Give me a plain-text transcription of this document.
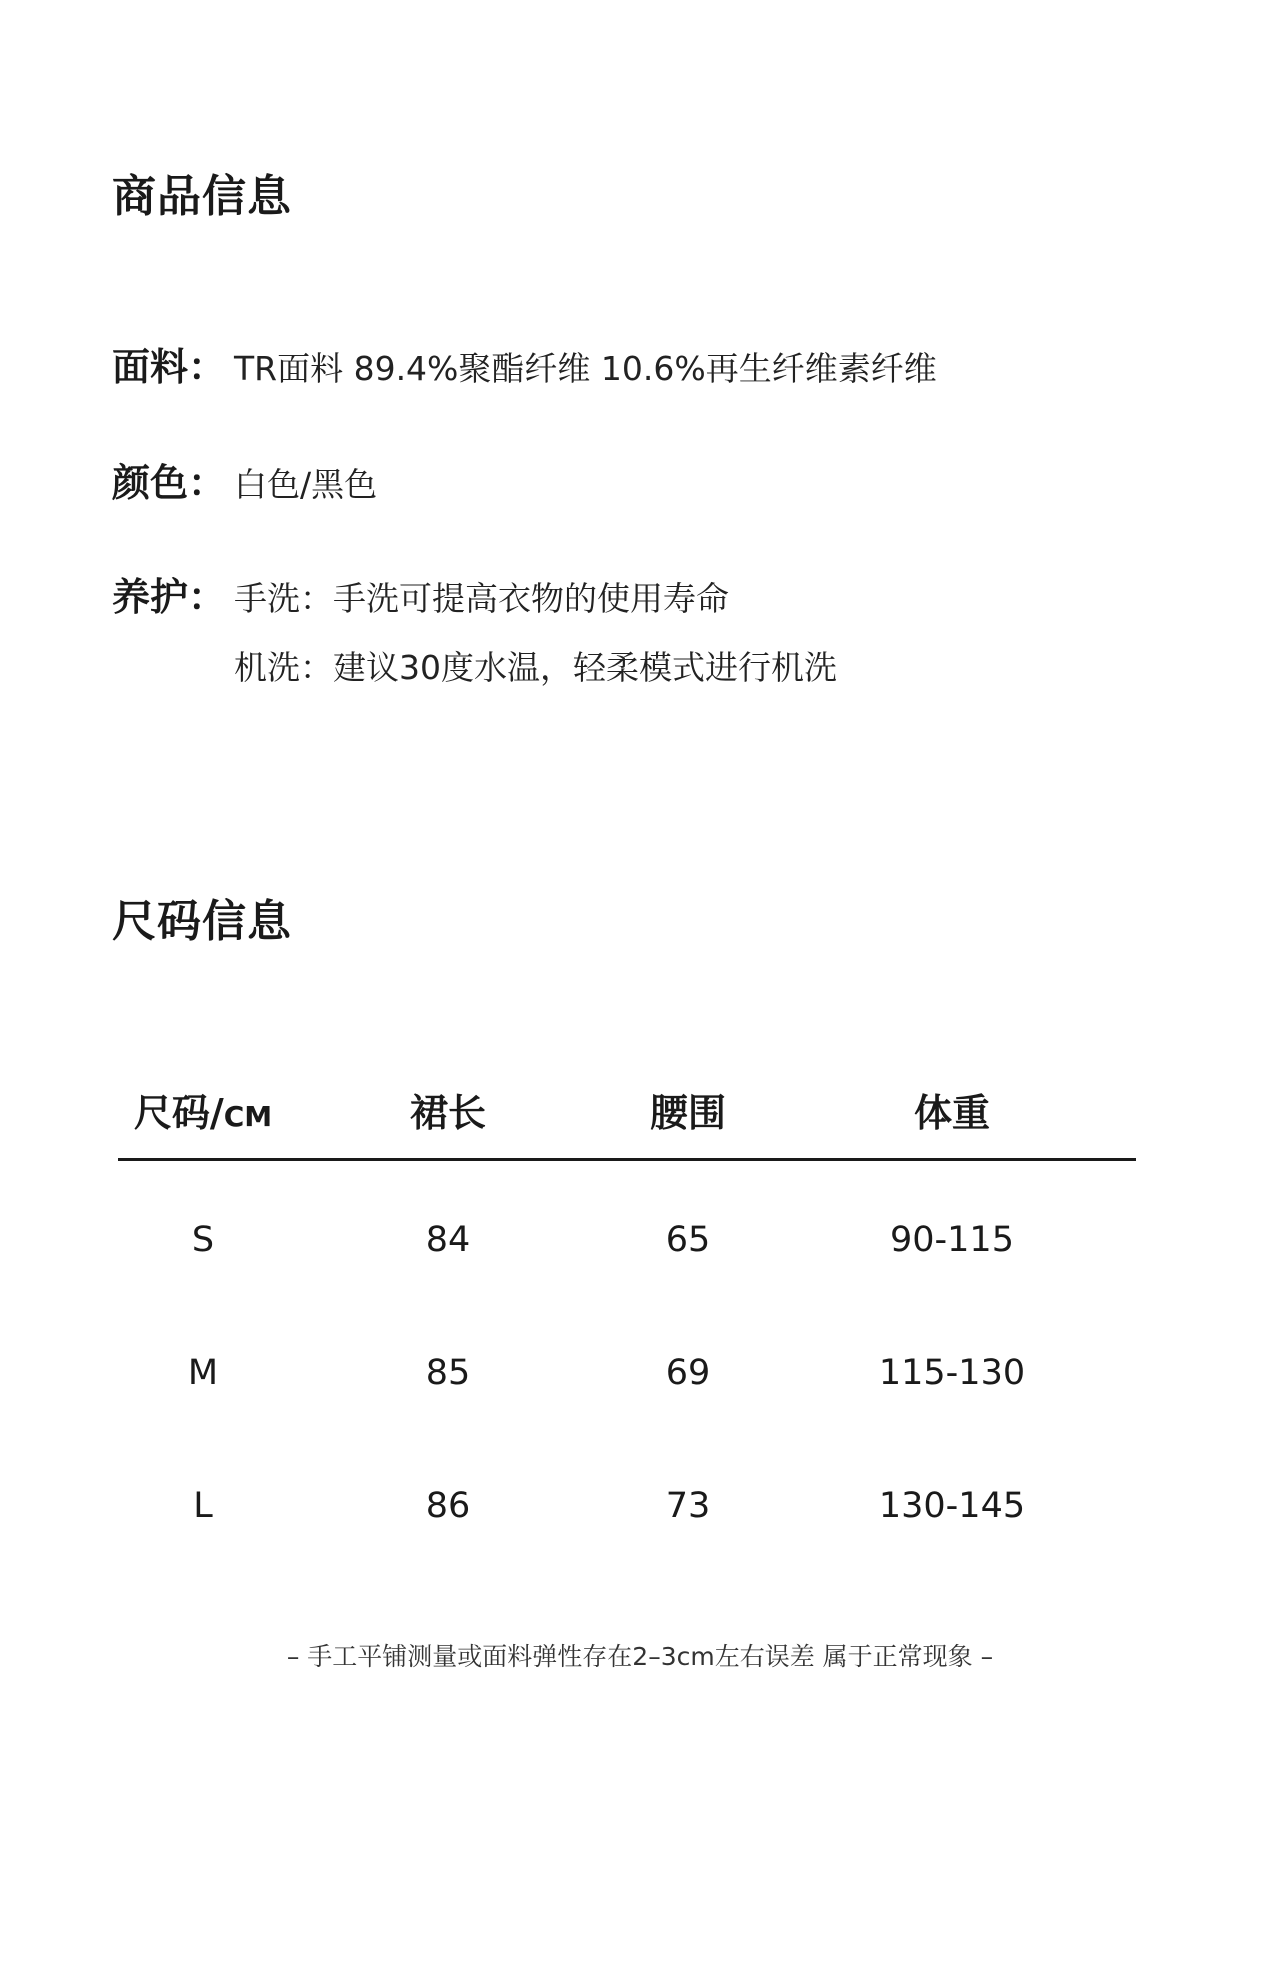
商品信息
面料： TR面料 89.4%聚酯纤维 10.6%再生纤维素纤维
颜色： 白色/黑色
养护： 手洗：手洗可提高衣物的使用寿命
机洗：建议30度水温，轻柔模式进行机洗
尺码信息
尺码/CM	裙长	腰围	体重
S	84	65	90-115
M	85	69	115-130
L	86	73	130-145
– 手工平铺测量或面料弹性存在2–3cm左右误差 属于正常现象 –
